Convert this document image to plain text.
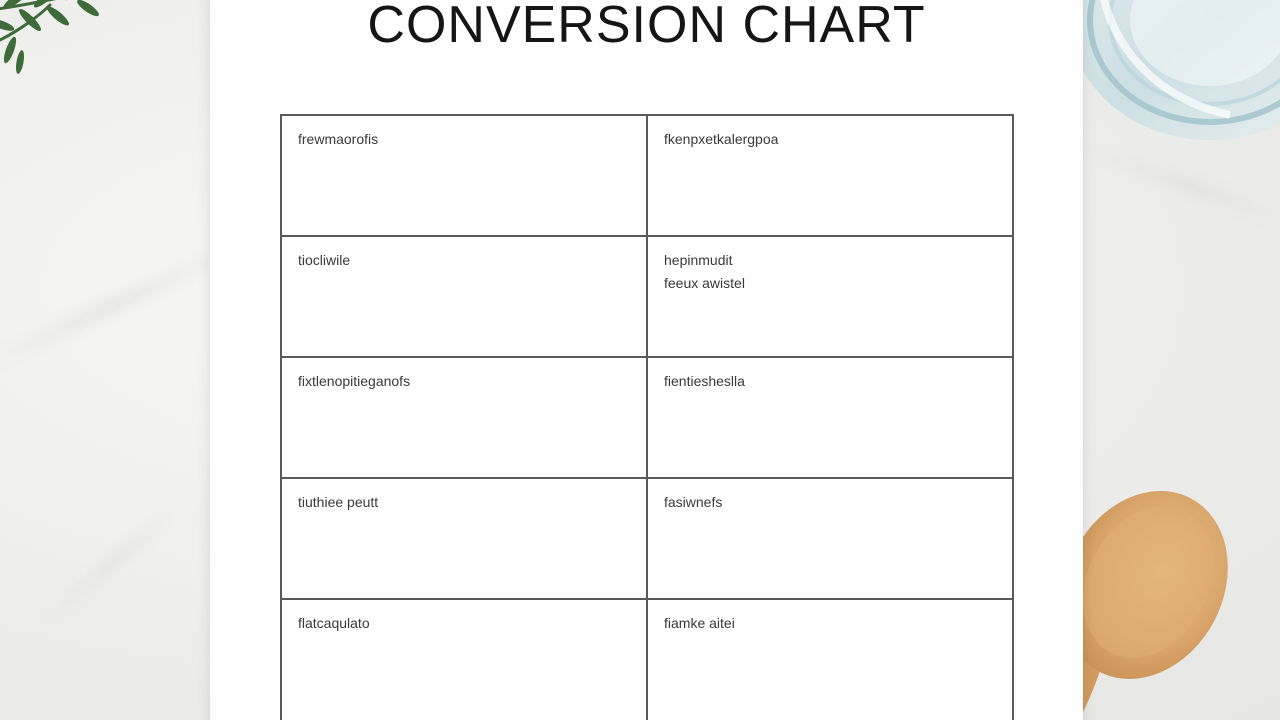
CONVERSION CHART
frewmaorofis	fkenpxetkalergpoa

tiocliwile	hepinmudit
feeux awistel

fixtlenopitieganofs	fientiesheslla

tiuthiee peutt	fasiwnefs

flatcaqulato	fiamke aitei
